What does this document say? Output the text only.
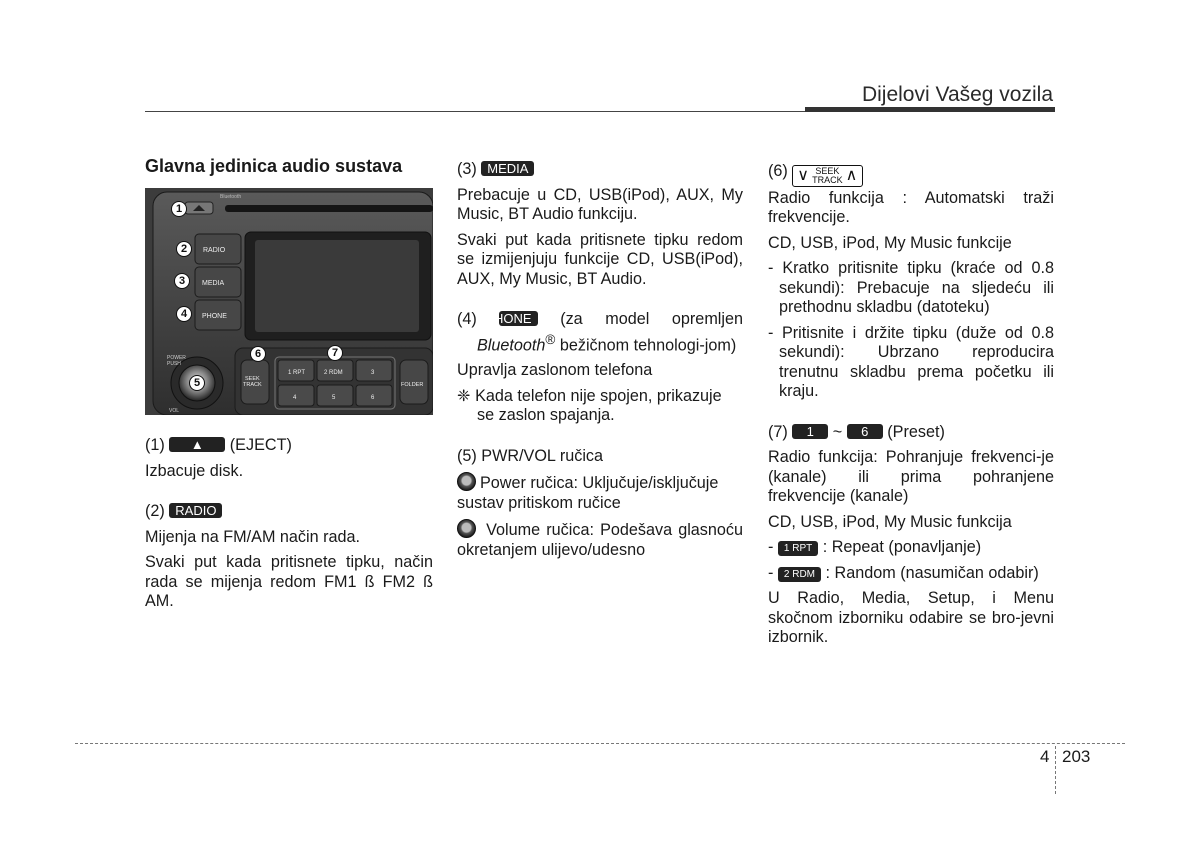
Dijelovi Vašeg vozila

Glavna jedinica audio sustava

Bluetooth
RADIO
MEDIA
PHONE
POWER
PUSH
VOL
SEEK
TRACK
1 RPT	2 RDM	3
4	5	6
FOLDER
1
2
3
4
5
6	7

(1) ▲ (EJECT)

Izbacuje disk.

(2) RADIO

Mijenja na FM/AM način rada.

Svaki put kada pritisnete tipku, način rada se mijenja redom FM1 ß FM2 ß AM.

(3) MEDIA

Prebacuje u CD, USB(iPod), AUX, My Music, BT Audio funkciju.

Svaki put kada pritisnete tipku redom se izmijenjuju funkcije CD, USB(iPod), AUX, My Music, BT Audio.

(4) PHONE (za model opremljen Bluetooth® bežičnom tehnologi-jom)

Upravlja zaslonom telefona

❈ Kada telefon nije spojen, prikazuje se zaslon spajanja.

(5) PWR/VOL ručica

Power ručica: Uključuje/isključuje sustav pritiskom ručice

Volume ručica: Podešava glasnoću okretanjem ulijevo/udesno

(6) ∨ SEEK
TRACK ∧

Radio funkcija : Automatski traži frekvencije.

CD, USB, iPod, My Music funkcije

- Kratko pritisnite tipku (kraće od 0.8 sekundi): Prebacuje na sljedeću ili prethodnu skladbu (datoteku)

- Pritisnite i držite tipku (duže od 0.8 sekundi): Ubrzano reproducira trenutnu skladbu prema početku ili kraju.

(7) 1 ~ 6 (Preset)

Radio funkcija: Pohranjuje frekvenci-je (kanale) ili prima pohranjene frekvencije (kanale)

CD, USB, iPod, My Music funkcija

- 1 RPT : Repeat (ponavljanje)

- 2 RDM : Random (nasumičan odabir)

U Radio, Media, Setup, i Menu skočnom izborniku odabire se bro-jevni izbornik.

4 203
